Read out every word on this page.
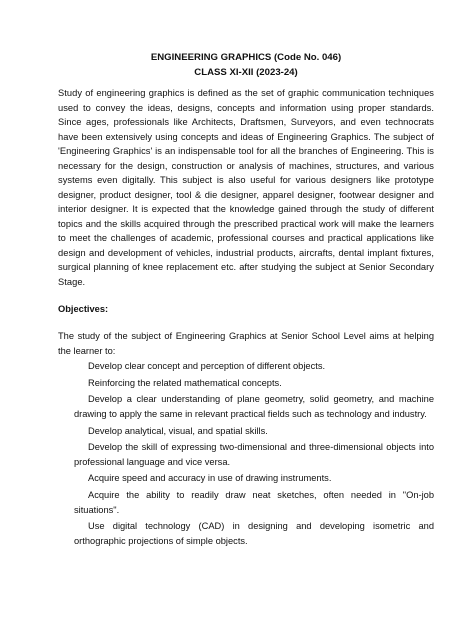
ENGINEERING GRAPHICS (Code No. 046)

CLASS XI-XII (2023-24)

Study of engineering graphics is defined as the set of graphic communication techniques used to convey the ideas, designs, concepts and information using proper standards. Since ages, professionals like Architects, Draftsmen, Surveyors, and even technocrats have been extensively using concepts and ideas of Engineering Graphics. The subject of 'Engineering Graphics' is an indispensable tool for all the branches of Engineering. This is necessary for the design, construction or analysis of machines, structures, and various systems even digitally. This subject is also useful for various designers like prototype designer, product designer, tool & die designer, apparel designer, footwear designer and interior designer. It is expected that the knowledge gained through the study of different topics and the skills acquired through the prescribed practical work will make the learners to meet the challenges of academic, professional courses and practical applications like design and development of vehicles, industrial products, aircrafts, dental implant fixtures, surgical planning of knee replacement etc. after studying the subject at Senior Secondary Stage.

Objectives:

The study of the subject of Engineering Graphics at Senior School Level aims at helping the learner to:

Develop clear concept and perception of different objects.
Reinforcing the related mathematical concepts.
Develop a clear understanding of plane geometry, solid geometry, and machine drawing to apply the same in relevant practical fields such as technology and industry.
Develop analytical, visual, and spatial skills.
Develop the skill of expressing two-dimensional and three-dimensional objects into professional language and vice versa.
Acquire speed and accuracy in use of drawing instruments.
Acquire the ability to readily draw neat sketches, often needed in "On-job situations".
Use digital technology (CAD) in designing and developing isometric and orthographic projections of simple objects.
